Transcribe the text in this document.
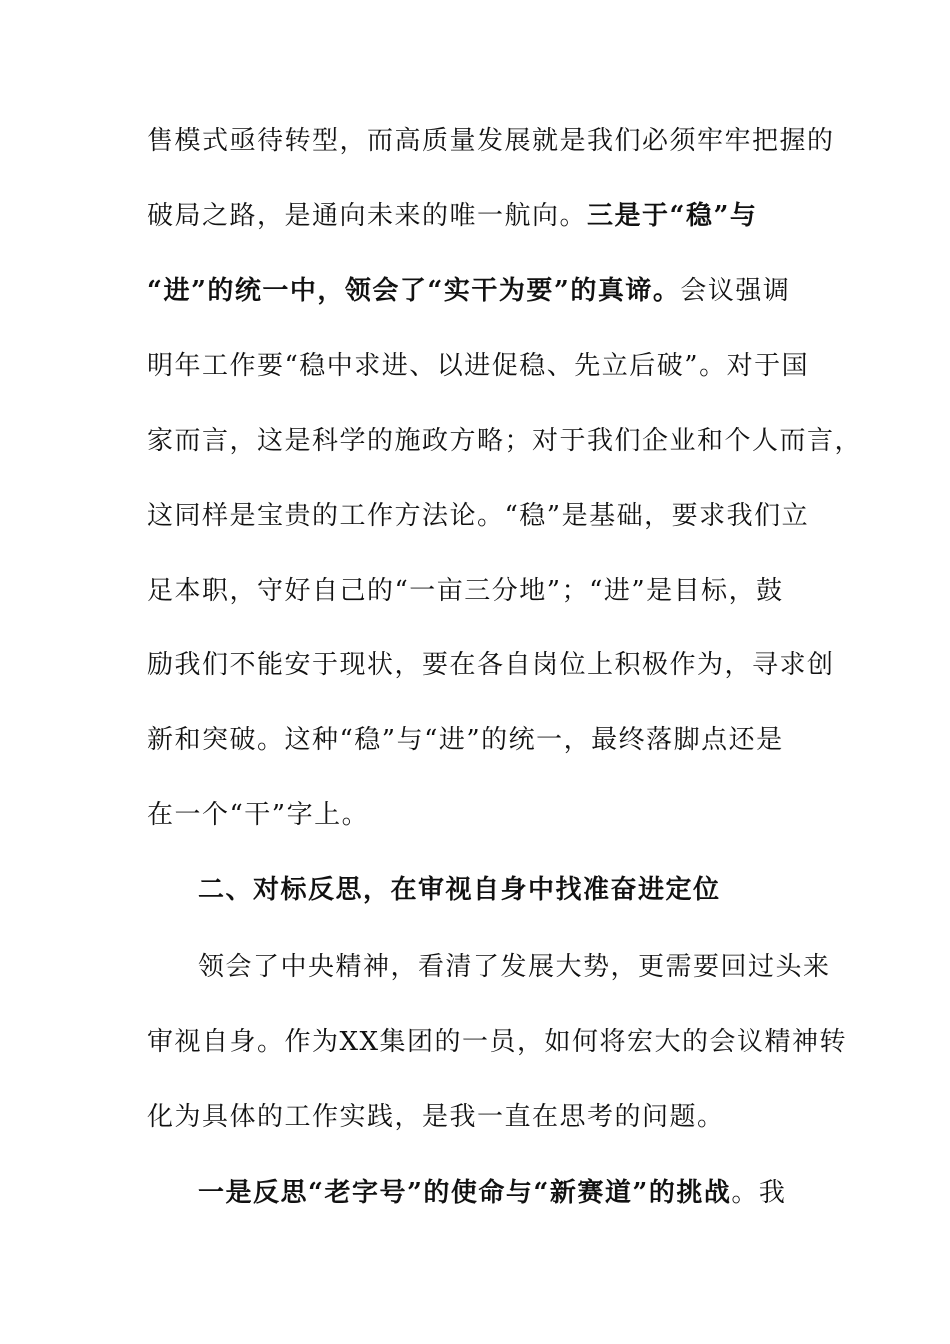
售模式亟待转型，而高质量发展就是我们必须牢牢把握的
破局之路，是通向未来的唯一航向。三是于“稳”与
“进”的统一中，领会了“实干为要”的真谛。会议强调
明年工作要“稳中求进、以进促稳、先立后破”。对于国
家而言，这是科学的施政方略；对于我们企业和个人而言，
这同样是宝贵的工作方法论。“稳”是基础，要求我们立
足本职，守好自己的“一亩三分地”；“进”是目标，鼓
励我们不能安于现状，要在各自岗位上积极作为，寻求创
新和突破。这种“稳”与“进”的统一，最终落脚点还是
在一个“干”字上。
二、对标反思，在审视自身中找准奋进定位
领会了中央精神，看清了发展大势，更需要回过头来
审视自身。作为XX集团的一员，如何将宏大的会议精神转
化为具体的工作实践，是我一直在思考的问题。
一是反思“老字号”的使命与“新赛道”的挑战。我
